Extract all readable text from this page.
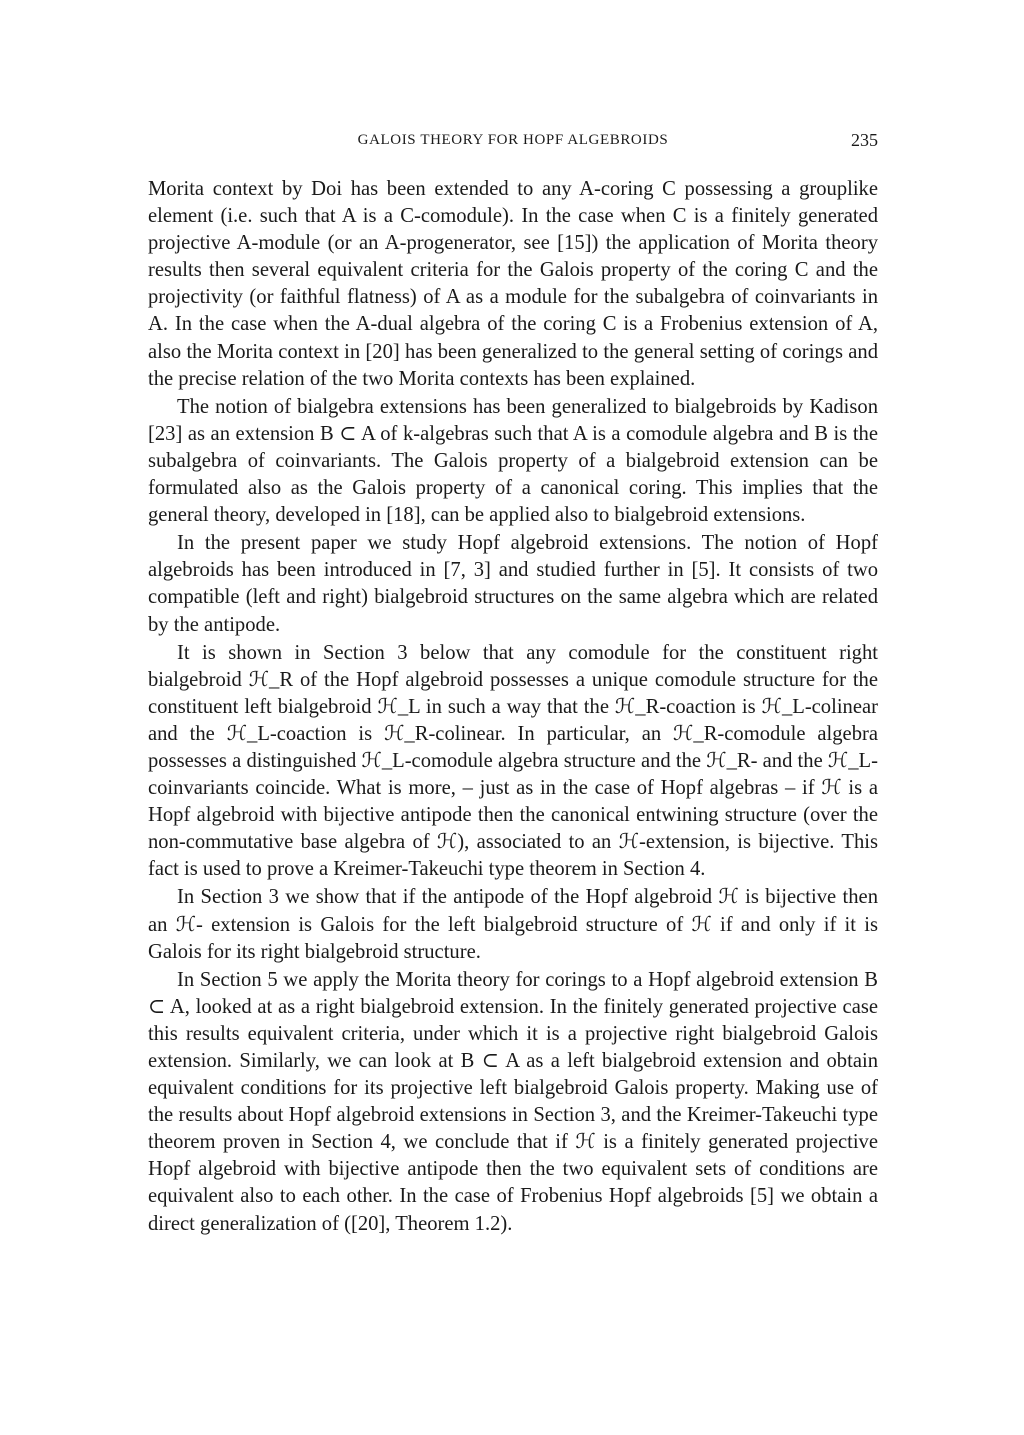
GALOIS THEORY FOR HOPF ALGEBROIDS	235

Morita context by Doi has been extended to any A-coring C possessing a grouplike element (i.e. such that A is a C-comodule). In the case when C is a finitely generated projective A-module (or an A-progenerator, see [15]) the application of Morita theory results then several equivalent criteria for the Galois property of the coring C and the projectivity (or faithful flatness) of A as a module for the subalgebra of coinvariants in A. In the case when the A-dual algebra of the coring C is a Frobenius extension of A, also the Morita context in [20] has been generalized to the general setting of corings and the precise relation of the two Morita contexts has been explained.

The notion of bialgebra extensions has been generalized to bialgebroids by Kadison [23] as an extension B ⊂ A of k-algebras such that A is a comodule algebra and B is the subalgebra of coinvariants. The Galois property of a bialgebroid extension can be formulated also as the Galois property of a canonical coring. This implies that the general theory, developed in [18], can be applied also to bialgebroid extensions.

In the present paper we study Hopf algebroid extensions. The notion of Hopf algebroids has been introduced in [7, 3] and studied further in [5]. It consists of two compatible (left and right) bialgebroid structures on the same algebra which are related by the antipode.

It is shown in Section 3 below that any comodule for the constituent right bialgebroid ℋ_R of the Hopf algebroid possesses a unique comodule structure for the constituent left bialgebroid ℋ_L in such a way that the ℋ_R-coaction is ℋ_L-colinear and the ℋ_L-coaction is ℋ_R-colinear. In particular, an ℋ_R-comodule algebra possesses a distinguished ℋ_L-comodule algebra structure and the ℋ_R- and the ℋ_L-coinvariants coincide. What is more, – just as in the case of Hopf algebras – if ℋ is a Hopf algebroid with bijective antipode then the canonical entwining structure (over the non-commutative base algebra of ℋ), associated to an ℋ-extension, is bijective. This fact is used to prove a Kreimer-Takeuchi type theorem in Section 4.

In Section 3 we show that if the antipode of the Hopf algebroid ℋ is bijective then an ℋ- extension is Galois for the left bialgebroid structure of ℋ if and only if it is Galois for its right bialgebroid structure.

In Section 5 we apply the Morita theory for corings to a Hopf algebroid extension B ⊂ A, looked at as a right bialgebroid extension. In the finitely generated projective case this results equivalent criteria, under which it is a projective right bialgebroid Galois extension. Similarly, we can look at B ⊂ A as a left bialgebroid extension and obtain equivalent conditions for its projective left bialgebroid Galois property. Making use of the results about Hopf algebroid extensions in Section 3, and the Kreimer-Takeuchi type theorem proven in Section 4, we conclude that if ℋ is a finitely generated projective Hopf algebroid with bijective antipode then the two equivalent sets of conditions are equivalent also to each other. In the case of Frobenius Hopf algebroids [5] we obtain a direct generalization of ([20], Theorem 1.2).
